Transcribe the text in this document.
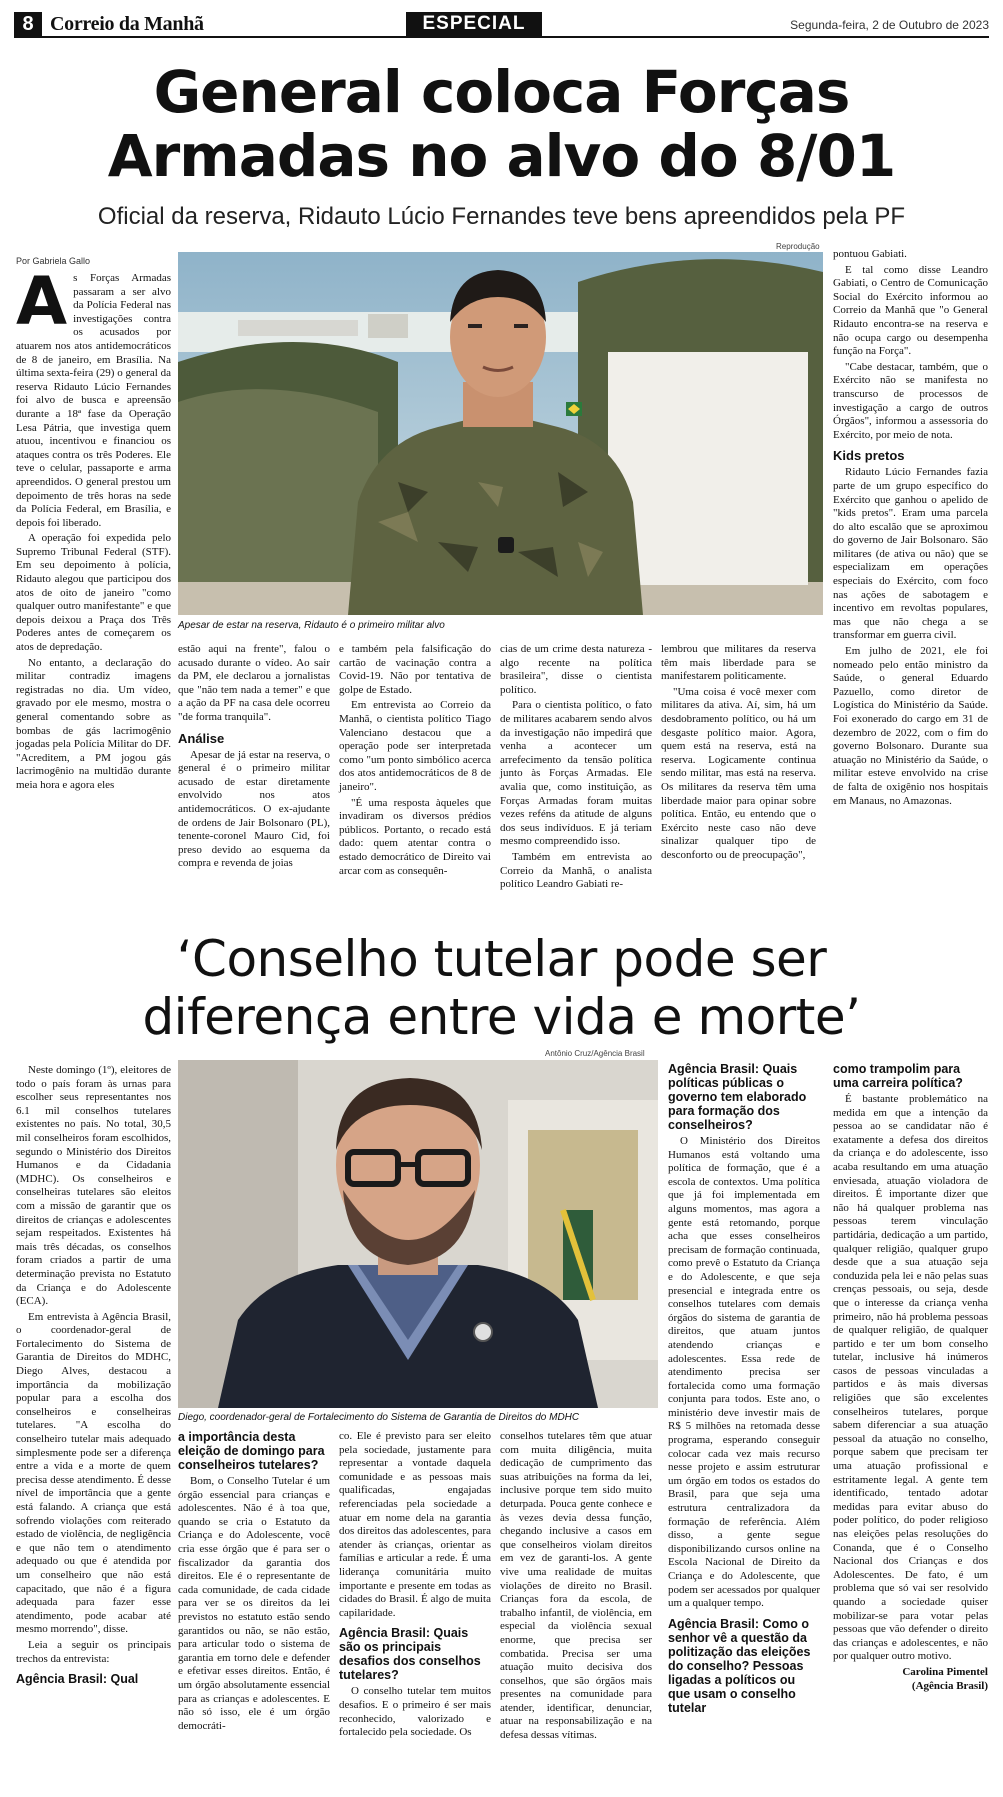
8 Correio da Manhã	ESPECIAL	Segunda-feira, 2 de Outubro de 2023
General coloca Forças
Armadas no alvo do 8/01
Oficial da reserva, Ridauto Lúcio Fernandes teve bens apreendidos pela PF
Por Gabriela Gallo
Reprodução
Apesar de estar na reserva, Ridauto é o primeiro militar alvo
A s Forças Armadas passaram a ser alvo da Polícia Federal nas investigações contra os acusados por atuarem nos atos antidemocráticos de 8 de janeiro, em Brasília. Na última sexta-feira (29) o general da reserva Ridauto Lúcio Fernandes foi alvo de busca e apreensão durante a 18ª fase da Operação Lesa Pátria, que investiga quem atuou, incentivou e financiou os ataques contra os três Poderes. Ele teve o celular, passaporte e arma apreendidos. O general prestou um depoimento de três horas na sede da Polícia Federal, em Brasília, e depois foi liberado.

A operação foi expedida pelo Supremo Tribunal Federal (STF). Em seu depoimento à polícia, Ridauto alegou que participou dos atos de oito de janeiro "como qualquer outro manifestante" e que depois deixou a Praça dos Três Poderes antes de começarem os atos de depredação.

No entanto, a declaração do militar contradiz imagens registradas no dia. Um vídeo, gravado por ele mesmo, mostra o general comentando sobre as bombas de gás lacrimogênio jogadas pela Polícia Militar do DF. "Acreditem, a PM jogou gás lacrimogênio na multidão durante meia hora e agora eles

estão aqui na frente", falou o acusado durante o vídeo. Ao sair da PM, ele declarou a jornalistas que "não tem nada a temer" e que a ação da PF na casa dele ocorreu "de forma tranquila".

Análise

Apesar de já estar na reserva, o general é o primeiro militar acusado de estar diretamente envolvido nos atos antidemocráticos. O ex-ajudante de ordens de Jair Bolsonaro (PL), tenente-coronel Mauro Cid, foi preso devido ao esquema da compra e revenda de joias

e também pela falsificação do cartão de vacinação contra a Covid-19. Não por tentativa de golpe de Estado.

Em entrevista ao Correio da Manhã, o cientista político Tiago Valenciano destacou que a operação pode ser interpretada como "um ponto simbólico acerca dos atos antidemocráticos de 8 de janeiro".

"É uma resposta àqueles que invadiram os diversos prédios públicos. Portanto, o recado está dado: quem atentar contra o estado democrático de Direito vai arcar com as consequên-

cias de um crime desta natureza - algo recente na política brasileira", disse o cientista político.

Para o cientista político, o fato de militares acabarem sendo alvos da investigação não impedirá que venha a acontecer um arrefecimento da tensão política junto às Forças Armadas. Ele avalia que, como instituição, as Forças Armadas foram muitas vezes reféns da atitude de alguns dos seus indivíduos. E já teriam mesmo compreendido isso.

Também em entrevista ao Correio da Manhã, o analista político Leandro Gabiati re-

lembrou que militares da reserva têm mais liberdade para se manifestarem politicamente.

"Uma coisa é você mexer com militares da ativa. Aí, sim, há um desdobramento político, ou há um desgaste político maior. Agora, quem está na reserva, está na reserva. Logicamente continua sendo militar, mas está na reserva. Os militares da reserva têm uma liberdade maior para opinar sobre política. Então, eu entendo que o Exército neste caso não deve sinalizar qualquer tipo de desconforto ou de preocupação",

pontuou Gabiati.

E tal como disse Leandro Gabiati, o Centro de Comunicação Social do Exército informou ao Correio da Manhã que "o General Ridauto encontra-se na reserva e não ocupa cargo ou desempenha função na Força".

"Cabe destacar, também, que o Exército não se manifesta no transcurso de processos de investigação a cargo de outros Órgãos", informou a assessoria do Exército, por meio de nota.

Kids pretos

Ridauto Lúcio Fernandes fazia parte de um grupo específico do Exército que ganhou o apelido de "kids pretos". Eram uma parcela do alto escalão que se aproximou do governo de Jair Bolsonaro. São militares (de ativa ou não) que se especializam em operações especiais do Exército, com foco nas ações de sabotagem e incentivo em revoltas populares, mas que não chega a se transformar em guerra civil.

Em julho de 2021, ele foi nomeado pelo então ministro da Saúde, o general Eduardo Pazuello, como diretor de Logística do Ministério da Saúde. Foi exonerado do cargo em 31 de dezembro de 2022, com o fim do governo Bolsonaro. Durante sua atuação no Ministério da Saúde, o militar esteve envolvido na crise de falta de oxigênio nos hospitais em Manaus, no Amazonas.

‘Conselho tutelar pode ser
diferença entre vida e morte’
Antônio Cruz/Agência Brasil
Diego, coordenador-geral de Fortalecimento do Sistema de Garantia de Direitos do MDHC

Neste domingo (1º), eleitores de todo o país foram às urnas para escolher seus representantes nos 6.1 mil conselhos tutelares existentes no país. No total, 30,5 mil conselheiros foram escolhidos, segundo o Ministério dos Direitos Humanos e da Cidadania (MDHC). Os conselheiros e conselheiras tutelares são eleitos com a missão de garantir que os direitos de crianças e adolescentes sejam respeitados. Existentes há mais três décadas, os conselhos foram criados a partir de uma determinação prevista no Estatuto da Criança e do Adolescente (ECA).

Em entrevista à Agência Brasil, o coordenador-geral de Fortalecimento do Sistema de Garantia de Direitos do MDHC, Diego Alves, destacou a importância da mobilização popular para a escolha dos conselheiros e conselheiras tutelares. "A escolha do conselheiro tutelar mais adequado simplesmente pode ser a diferença entre a vida e a morte de quem precisa desse atendimento. É desse nível de importância que a gente está falando. A criança que está sofrendo violações com reiterado estado de violência, de negligência e que não tem o atendimento adequado ou que é atendida por um conselheiro que não está capacitado, que não é a figura adequada para fazer esse atendimento, pode acabar até mesmo morrendo", disse.

Leia a seguir os principais trechos da entrevista:

Agência Brasil: Qual
a importância desta eleição de domingo para conselheiros tutelares?

Bom, o Conselho Tutelar é um órgão essencial para crianças e adolescentes. Não é à toa que, quando se cria o Estatuto da Criança e do Adolescente, você cria esse órgão que é para ser o fiscalizador da garantia dos direitos. Ele é o representante de cada comunidade, de cada cidade para ver se os direitos da lei previstos no estatuto estão sendo garantidos ou não, se não estão, para articular todo o sistema de garantia em torno dele e defender e efetivar esses direitos. Então, é um órgão absolutamente essencial para as crianças e adolescentes. E não só isso, ele é um órgão democráti-

co. Ele é previsto para ser eleito pela sociedade, justamente para representar a vontade daquela comunidade e as pessoas mais qualificadas, engajadas referenciadas pela sociedade a atuar em nome dela na garantia dos direitos das adolescentes, para atender às crianças, orientar as famílias e articular a rede. É uma liderança comunitária muito importante e presente em todas as cidades do Brasil. É algo de muita capilaridade.

Agência Brasil: Quais são os principais desafios dos conselhos tutelares?

O conselho tutelar tem muitos desafios. E o primeiro é ser mais reconhecido, valorizado e fortalecido pela sociedade. Os

conselhos tutelares têm que atuar com muita diligência, muita dedicação de cumprimento das suas atribuições na forma da lei, inclusive porque tem sido muito deturpada. Pouca gente conhece e às vezes devia dessa função, chegando inclusive a casos em que conselheiros violam direitos em vez de garanti-los. A gente vive uma realidade de muitas violações de direito no Brasil. Crianças fora da escola, de trabalho infantil, de violência, em especial da violência sexual enorme, que precisa ser combatida. Precisa ser uma atuação muito decisiva dos conselhos, que são órgãos mais presentes na comunidade para atender, identificar, denunciar, atuar na responsabilização e na defesa dessas vítimas.

Agência Brasil: Quais políticas públicas o governo tem elaborado para formação dos conselheiros?

O Ministério dos Direitos Humanos está voltando uma política de formação, que é a escola de contextos. Uma política que já foi implementada em alguns momentos, mas agora a gente está retomando, porque acha que esses conselheiros precisam de formação continuada, como prevê o Estatuto da Criança e do Adolescente, e que seja presencial e integrada entre os conselhos tutelares com demais órgãos do sistema de garantia de direitos, que atuam juntos atendendo crianças e adolescentes. Essa rede de atendimento precisa ser fortalecida como uma formação conjunta para todos. Este ano, o ministério deve investir mais de R$ 5 milhões na retomada desse programa, esperando conseguir colocar cada vez mais recurso nesse projeto e assim estruturar um órgão em todos os estados do Brasil, para que seja uma estrutura centralizadora da formação de referência. Além disso, a gente segue disponibilizando cursos online na Escola Nacional de Direito da Criança e do Adolescente, que podem ser acessados por qualquer um a qualquer tempo.

Agência Brasil: Como o senhor vê a questão da politização das eleições do conselho? Pessoas ligadas a políticos ou que usam o conselho tutelar
como trampolim para uma carreira política?

É bastante problemático na medida em que a intenção da pessoa ao se candidatar não é exatamente a defesa dos direitos da criança e do adolescente, isso acaba resultando em uma atuação enviesada, atuação violadora de direitos. É importante dizer que não há qualquer problema nas pessoas terem vinculação partidária, dedicação a um partido, qualquer religião, qualquer grupo desde que a sua atuação seja conduzida pela lei e não pelas suas crenças pessoais, ou seja, desde que o interesse da criança venha primeiro, não há problema pessoas de qualquer religião, de qualquer partido e ter um bom conselho tutelar, inclusive há inúmeros casos de pessoas vinculadas a partidos e às mais diversas religiões que são excelentes conselheiros tutelares, porque sabem diferenciar a sua atuação pessoal da atuação no conselho, porque sabem que precisam ter uma atuação profissional e estritamente legal. A gente tem identificado, tentado adotar medidas para evitar abuso do poder político, do poder religioso nas eleições pelas resoluções do Conanda, que é o Conselho Nacional dos Crianças e dos Adolescentes. De fato, é um problema que só vai ser resolvido quando a sociedade quiser mobilizar-se para votar pelas pessoas que vão defender o direito das crianças e adolescentes, e não por qualquer outro motivo.

Carolina Pimentel
(Agência Brasil)
